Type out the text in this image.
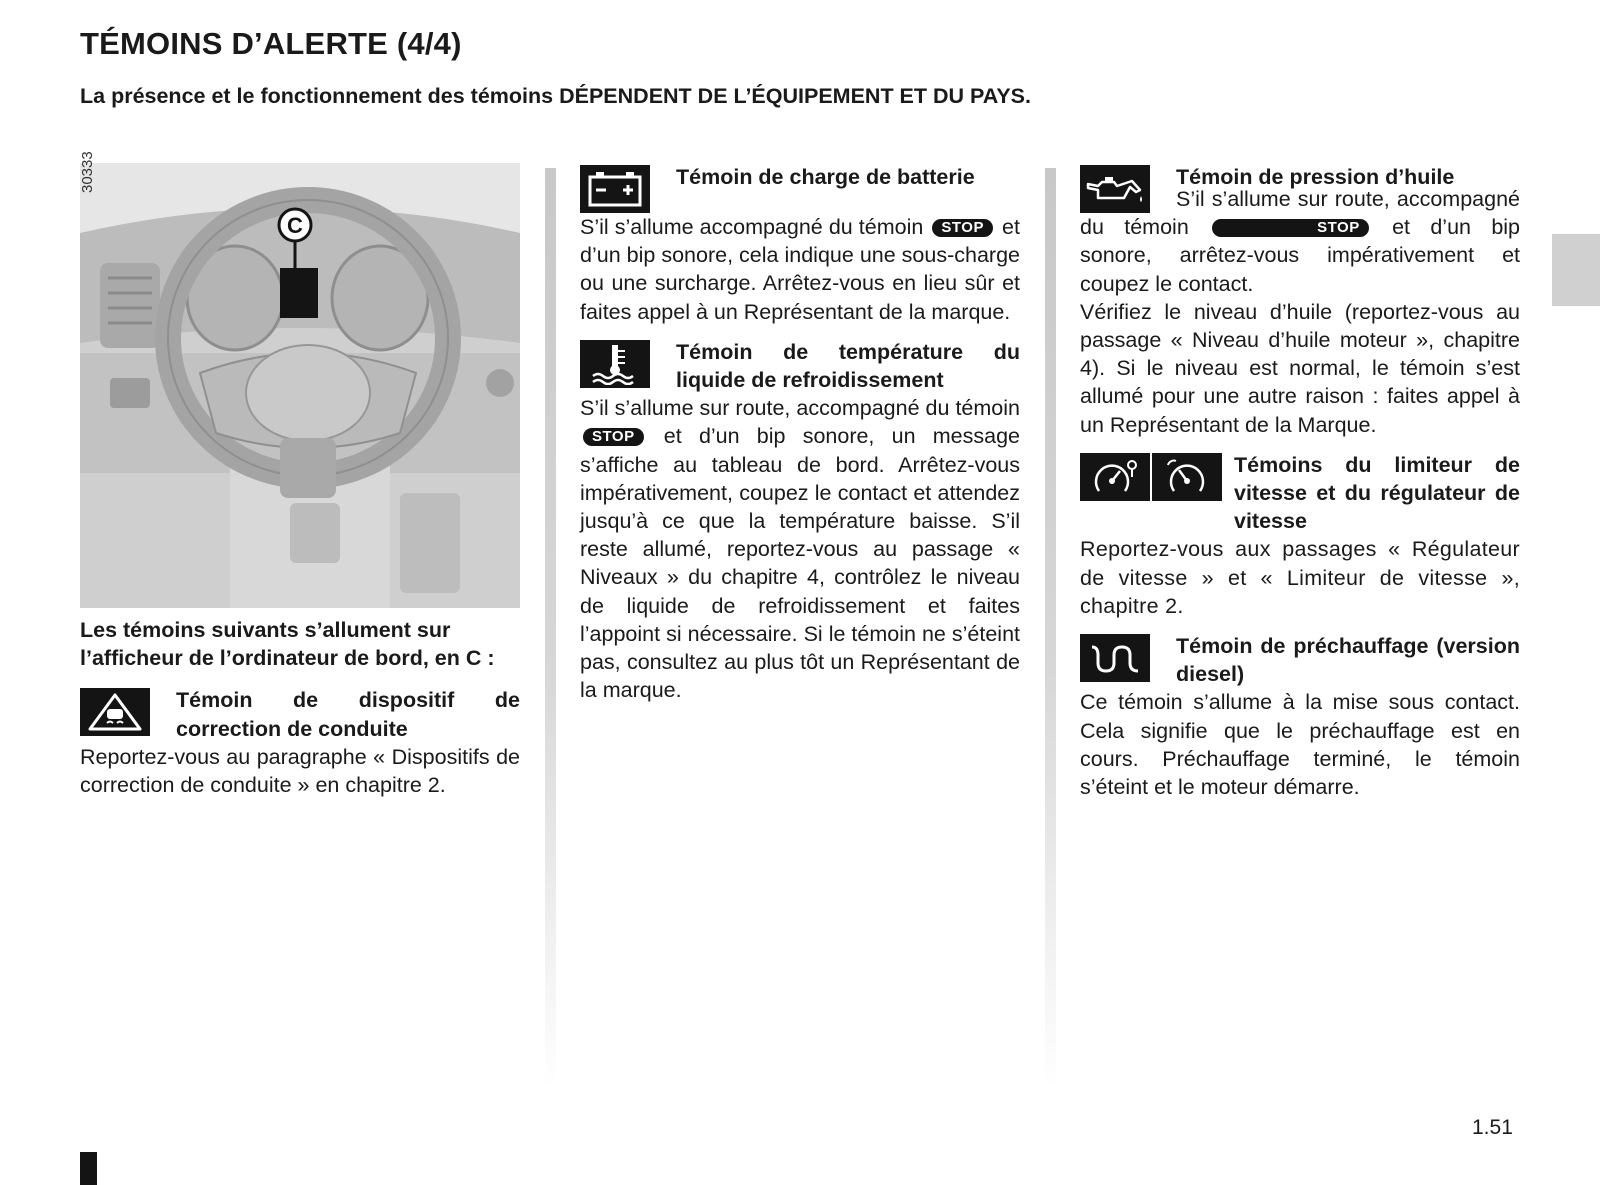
TÉMOINS D’ALERTE (4/4)
La présence et le fonctionnement des témoins DÉPENDENT DE L’ÉQUIPEMENT ET DU PAYS.
C
30333
Les témoins suivants s’allument sur l’afficheur de l’ordinateur de bord, en C :
Témoin de dispositif de correction de conduite
Reportez-vous au paragraphe « Dispositifs de correction de conduite » en chapitre 2.
Témoin de charge de batterie
S’il s’allume accompagné du témoin STOP et d’un bip sonore, cela indique une sous-charge ou une surcharge. Arrêtez-vous en lieu sûr et faites appel à un Représentant de la marque.
Témoin de température du liquide de refroidissement
S’il s’allume sur route, accompagné du témoin STOP et d’un bip sonore, un message s’affiche au tableau de bord. Arrêtez-vous impérativement, coupez le contact et attendez jusqu’à ce que la température baisse. S’il reste allumé, reportez-vous au passage « Niveaux » du chapitre 4, contrôlez le niveau de liquide de refroidissement et faites l’appoint si nécessaire. Si le témoin ne s’éteint pas, consultez au plus tôt un Représentant de la marque.
Témoin de pression d’huile
S’il s’allume sur route, accompagné du témoin	STOP et d’un bip sonore, arrêtez-vous impérativement et coupez le contact.
Vérifiez le niveau d’huile (reportez-vous au passage « Niveau d’huile moteur », chapitre 4). Si le niveau est normal, le témoin s’est allumé pour une autre raison : faites appel à un Représentant de la Marque.
Témoins du limiteur de vitesse et du régulateur de vitesse
Reportez-vous aux passages « Régulateur de vitesse » et « Limiteur de vitesse », chapitre 2.
Témoin de préchauffage (version diesel)
Ce témoin s’allume à la mise sous contact. Cela signifie que le préchauffage est en cours. Préchauffage terminé, le témoin s’éteint et le moteur démarre.
1.51
